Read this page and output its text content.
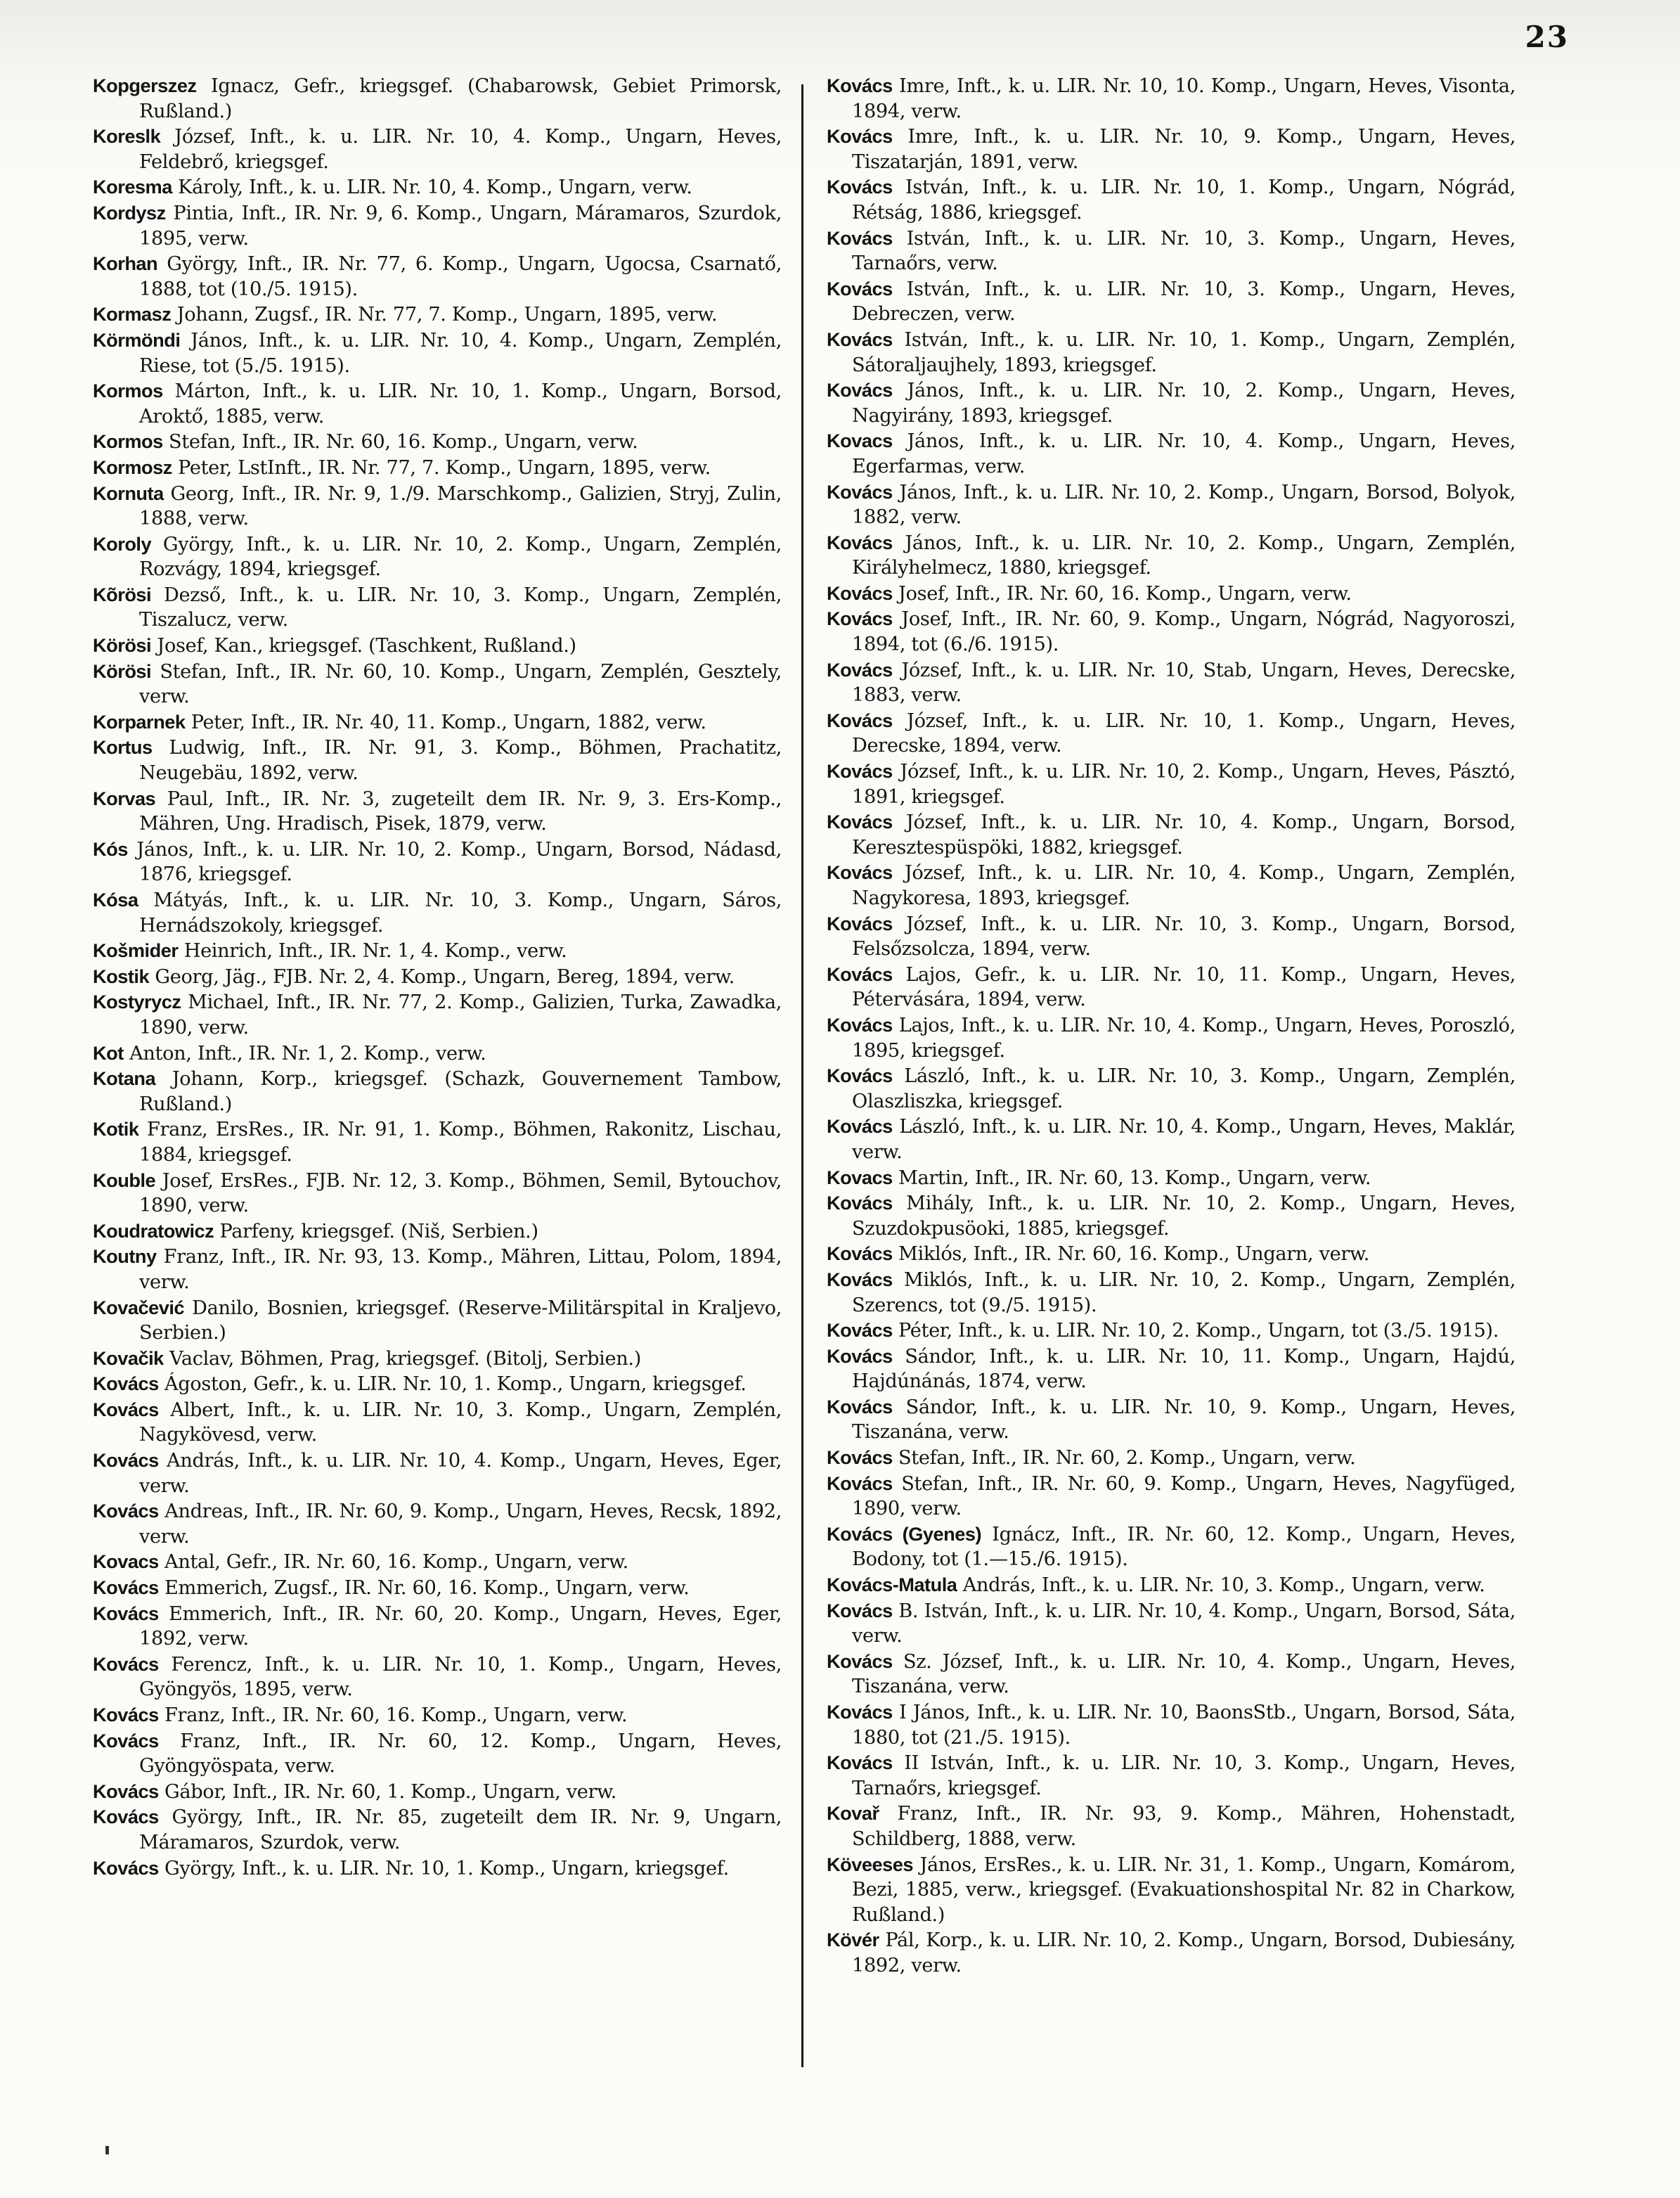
23

Kopgerszez Ignacz, Gefr., kriegsgef. (Chabarowsk, Gebiet Primorsk, Rußland.)

Koreslk József, Inft., k. u. LIR. Nr. 10, 4. Komp., Ungarn, Heves, Feldebrő, kriegsgef.

Koresma Károly, Inft., k. u. LIR. Nr. 10, 4. Komp., Ungarn, verw.

Kordysz Pintia, Inft., IR. Nr. 9, 6. Komp., Ungarn, Máramaros, Szurdok, 1895, verw.

Korhan György, Inft., IR. Nr. 77, 6. Komp., Ungarn, Ugocsa, Csarnatő, 1888, tot (10./5. 1915).

Kormasz Johann, Zugsf., IR. Nr. 77, 7. Komp., Ungarn, 1895, verw.

Körmöndi János, Inft., k. u. LIR. Nr. 10, 4. Komp., Ungarn, Zemplén, Riese, tot (5./5. 1915).

Kormos Márton, Inft., k. u. LIR. Nr. 10, 1. Komp., Ungarn, Borsod, Aroktő, 1885, verw.

Kormos Stefan, Inft., IR. Nr. 60, 16. Komp., Ungarn, verw.

Kormosz Peter, LstInft., IR. Nr. 77, 7. Komp., Ungarn, 1895, verw.

Kornuta Georg, Inft., IR. Nr. 9, 1./9. Marschkomp., Galizien, Stryj, Zulin, 1888, verw.

Koroly György, Inft., k. u. LIR. Nr. 10, 2. Komp., Ungarn, Zemplén, Rozvágy, 1894, kriegsgef.

Kõrösi Dezső, Inft., k. u. LIR. Nr. 10, 3. Komp., Ungarn, Zemplén, Tiszalucz, verw.

Körösi Josef, Kan., kriegsgef. (Taschkent, Rußland.)

Körösi Stefan, Inft., IR. Nr. 60, 10. Komp., Ungarn, Zemplén, Gesztely, verw.

Korparnek Peter, Inft., IR. Nr. 40, 11. Komp., Ungarn, 1882, verw.

Kortus Ludwig, Inft., IR. Nr. 91, 3. Komp., Böhmen, Prachatitz, Neugebäu, 1892, verw.

Korvas Paul, Inft., IR. Nr. 3, zugeteilt dem IR. Nr. 9, 3. Ers-Komp., Mähren, Ung. Hradisch, Pisek, 1879, verw.

Kós János, Inft., k. u. LIR. Nr. 10, 2. Komp., Ungarn, Borsod, Nádasd, 1876, kriegsgef.

Kósa Mátyás, Inft., k. u. LIR. Nr. 10, 3. Komp., Ungarn, Sáros, Hernádszokoly, kriegsgef.

Košmider Heinrich, Inft., IR. Nr. 1, 4. Komp., verw.

Kostik Georg, Jäg., FJB. Nr. 2, 4. Komp., Ungarn, Bereg, 1894, verw.

Kostyrycz Michael, Inft., IR. Nr. 77, 2. Komp., Galizien, Turka, Zawadka, 1890, verw.

Kot Anton, Inft., IR. Nr. 1, 2. Komp., verw.

Kotana Johann, Korp., kriegsgef. (Schazk, Gouvernement Tambow, Rußland.)

Kotik Franz, ErsRes., IR. Nr. 91, 1. Komp., Böhmen, Rakonitz, Lischau, 1884, kriegsgef.

Kouble Josef, ErsRes., FJB. Nr. 12, 3. Komp., Böhmen, Semil, Bytouchov, 1890, verw.

Koudratowicz Parfeny, kriegsgef. (Niš, Serbien.)

Koutny Franz, Inft., IR. Nr. 93, 13. Komp., Mähren, Littau, Polom, 1894, verw.

Kovačević Danilo, Bosnien, kriegsgef. (Reserve-Militärspital in Kraljevo, Serbien.)

Kovačik Vaclav, Böhmen, Prag, kriegsgef. (Bitolj, Serbien.)

Kovács Ágoston, Gefr., k. u. LIR. Nr. 10, 1. Komp., Ungarn, kriegsgef.

Kovács Albert, Inft., k. u. LIR. Nr. 10, 3. Komp., Ungarn, Zemplén, Nagykövesd, verw.

Kovács András, Inft., k. u. LIR. Nr. 10, 4. Komp., Ungarn, Heves, Eger, verw.

Kovács Andreas, Inft., IR. Nr. 60, 9. Komp., Ungarn, Heves, Recsk, 1892, verw.

Kovacs Antal, Gefr., IR. Nr. 60, 16. Komp., Ungarn, verw.

Kovács Emmerich, Zugsf., IR. Nr. 60, 16. Komp., Ungarn, verw.

Kovács Emmerich, Inft., IR. Nr. 60, 20. Komp., Ungarn, Heves, Eger, 1892, verw.

Kovács Ferencz, Inft., k. u. LIR. Nr. 10, 1. Komp., Ungarn, Heves, Gyöngyös, 1895, verw.

Kovács Franz, Inft., IR. Nr. 60, 16. Komp., Ungarn, verw.

Kovács Franz, Inft., IR. Nr. 60, 12. Komp., Ungarn, Heves, Gyöngyöspata, verw.

Kovács Gábor, Inft., IR. Nr. 60, 1. Komp., Ungarn, verw.

Kovács György, Inft., IR. Nr. 85, zugeteilt dem IR. Nr. 9, Ungarn, Máramaros, Szurdok, verw.

Kovács György, Inft., k. u. LIR. Nr. 10, 1. Komp., Ungarn, kriegsgef.

Kovács Imre, Inft., k. u. LIR. Nr. 10, 10. Komp., Ungarn, Heves, Visonta, 1894, verw.

Kovács Imre, Inft., k. u. LIR. Nr. 10, 9. Komp., Ungarn, Heves, Tiszatarján, 1891, verw.

Kovács István, Inft., k. u. LIR. Nr. 10, 1. Komp., Ungarn, Nógrád, Rétság, 1886, kriegsgef.

Kovács István, Inft., k. u. LIR. Nr. 10, 3. Komp., Ungarn, Heves, Tarnaőrs, verw.

Kovács István, Inft., k. u. LIR. Nr. 10, 3. Komp., Ungarn, Heves, Debreczen, verw.

Kovács István, Inft., k. u. LIR. Nr. 10, 1. Komp., Ungarn, Zemplén, Sátoraljaujhely, 1893, kriegsgef.

Kovács János, Inft., k. u. LIR. Nr. 10, 2. Komp., Ungarn, Heves, Nagyirány, 1893, kriegsgef.

Kovacs János, Inft., k. u. LIR. Nr. 10, 4. Komp., Ungarn, Heves, Egerfarmas, verw.

Kovács János, Inft., k. u. LIR. Nr. 10, 2. Komp., Ungarn, Borsod, Bolyok, 1882, verw.

Kovács János, Inft., k. u. LIR. Nr. 10, 2. Komp., Ungarn, Zemplén, Királyhelmecz, 1880, kriegsgef.

Kovács Josef, Inft., IR. Nr. 60, 16. Komp., Ungarn, verw.

Kovács Josef, Inft., IR. Nr. 60, 9. Komp., Ungarn, Nógrád, Nagyoroszi, 1894, tot (6./6. 1915).

Kovács József, Inft., k. u. LIR. Nr. 10, Stab, Ungarn, Heves, Derecske, 1883, verw.

Kovács József, Inft., k. u. LIR. Nr. 10, 1. Komp., Ungarn, Heves, Derecske, 1894, verw.

Kovács József, Inft., k. u. LIR. Nr. 10, 2. Komp., Ungarn, Heves, Pásztó, 1891, kriegsgef.

Kovács József, Inft., k. u. LIR. Nr. 10, 4. Komp., Ungarn, Borsod, Keresztespüspöki, 1882, kriegsgef.

Kovács József, Inft., k. u. LIR. Nr. 10, 4. Komp., Ungarn, Zemplén, Nagykoresa, 1893, kriegsgef.

Kovács József, Inft., k. u. LIR. Nr. 10, 3. Komp., Ungarn, Borsod, Felsőzsolcza, 1894, verw.

Kovács Lajos, Gefr., k. u. LIR. Nr. 10, 11. Komp., Ungarn, Heves, Pétervására, 1894, verw.

Kovács Lajos, Inft., k. u. LIR. Nr. 10, 4. Komp., Ungarn, Heves, Poroszló, 1895, kriegsgef.

Kovács László, Inft., k. u. LIR. Nr. 10, 3. Komp., Ungarn, Zemplén, Olaszliszka, kriegsgef.

Kovács László, Inft., k. u. LIR. Nr. 10, 4. Komp., Ungarn, Heves, Maklár, verw.

Kovacs Martin, Inft., IR. Nr. 60, 13. Komp., Ungarn, verw.

Kovács Mihály, Inft., k. u. LIR. Nr. 10, 2. Komp., Ungarn, Heves, Szuzdokpusöoki, 1885, kriegsgef.

Kovács Miklós, Inft., IR. Nr. 60, 16. Komp., Ungarn, verw.

Kovács Miklós, Inft., k. u. LIR. Nr. 10, 2. Komp., Ungarn, Zemplén, Szerencs, tot (9./5. 1915).

Kovács Péter, Inft., k. u. LIR. Nr. 10, 2. Komp., Ungarn, tot (3./5. 1915).

Kovács Sándor, Inft., k. u. LIR. Nr. 10, 11. Komp., Ungarn, Hajdú, Hajdúnánás, 1874, verw.

Kovács Sándor, Inft., k. u. LIR. Nr. 10, 9. Komp., Ungarn, Heves, Tiszanána, verw.

Kovács Stefan, Inft., IR. Nr. 60, 2. Komp., Ungarn, verw.

Kovács Stefan, Inft., IR. Nr. 60, 9. Komp., Ungarn, Heves, Nagyfüged, 1890, verw.

Kovács (Gyenes) Ignácz, Inft., IR. Nr. 60, 12. Komp., Ungarn, Heves, Bodony, tot (1.—15./6. 1915).

Kovács-Matula András, Inft., k. u. LIR. Nr. 10, 3. Komp., Ungarn, verw.

Kovács B. István, Inft., k. u. LIR. Nr. 10, 4. Komp., Ungarn, Borsod, Sáta, verw.

Kovács Sz. József, Inft., k. u. LIR. Nr. 10, 4. Komp., Ungarn, Heves, Tiszanána, verw.

Kovács I János, Inft., k. u. LIR. Nr. 10, BaonsStb., Ungarn, Borsod, Sáta, 1880, tot (21./5. 1915).

Kovács II István, Inft., k. u. LIR. Nr. 10, 3. Komp., Ungarn, Heves, Tarnaőrs, kriegsgef.

Kovař Franz, Inft., IR. Nr. 93, 9. Komp., Mähren, Hohenstadt, Schildberg, 1888, verw.

Köveeses János, ErsRes., k. u. LIR. Nr. 31, 1. Komp., Ungarn, Komárom, Bezi, 1885, verw., kriegsgef. (Evakuationshospital Nr. 82 in Charkow, Rußland.)

Kövér Pál, Korp., k. u. LIR. Nr. 10, 2. Komp., Ungarn, Borsod, Dubiesány, 1892, verw.
